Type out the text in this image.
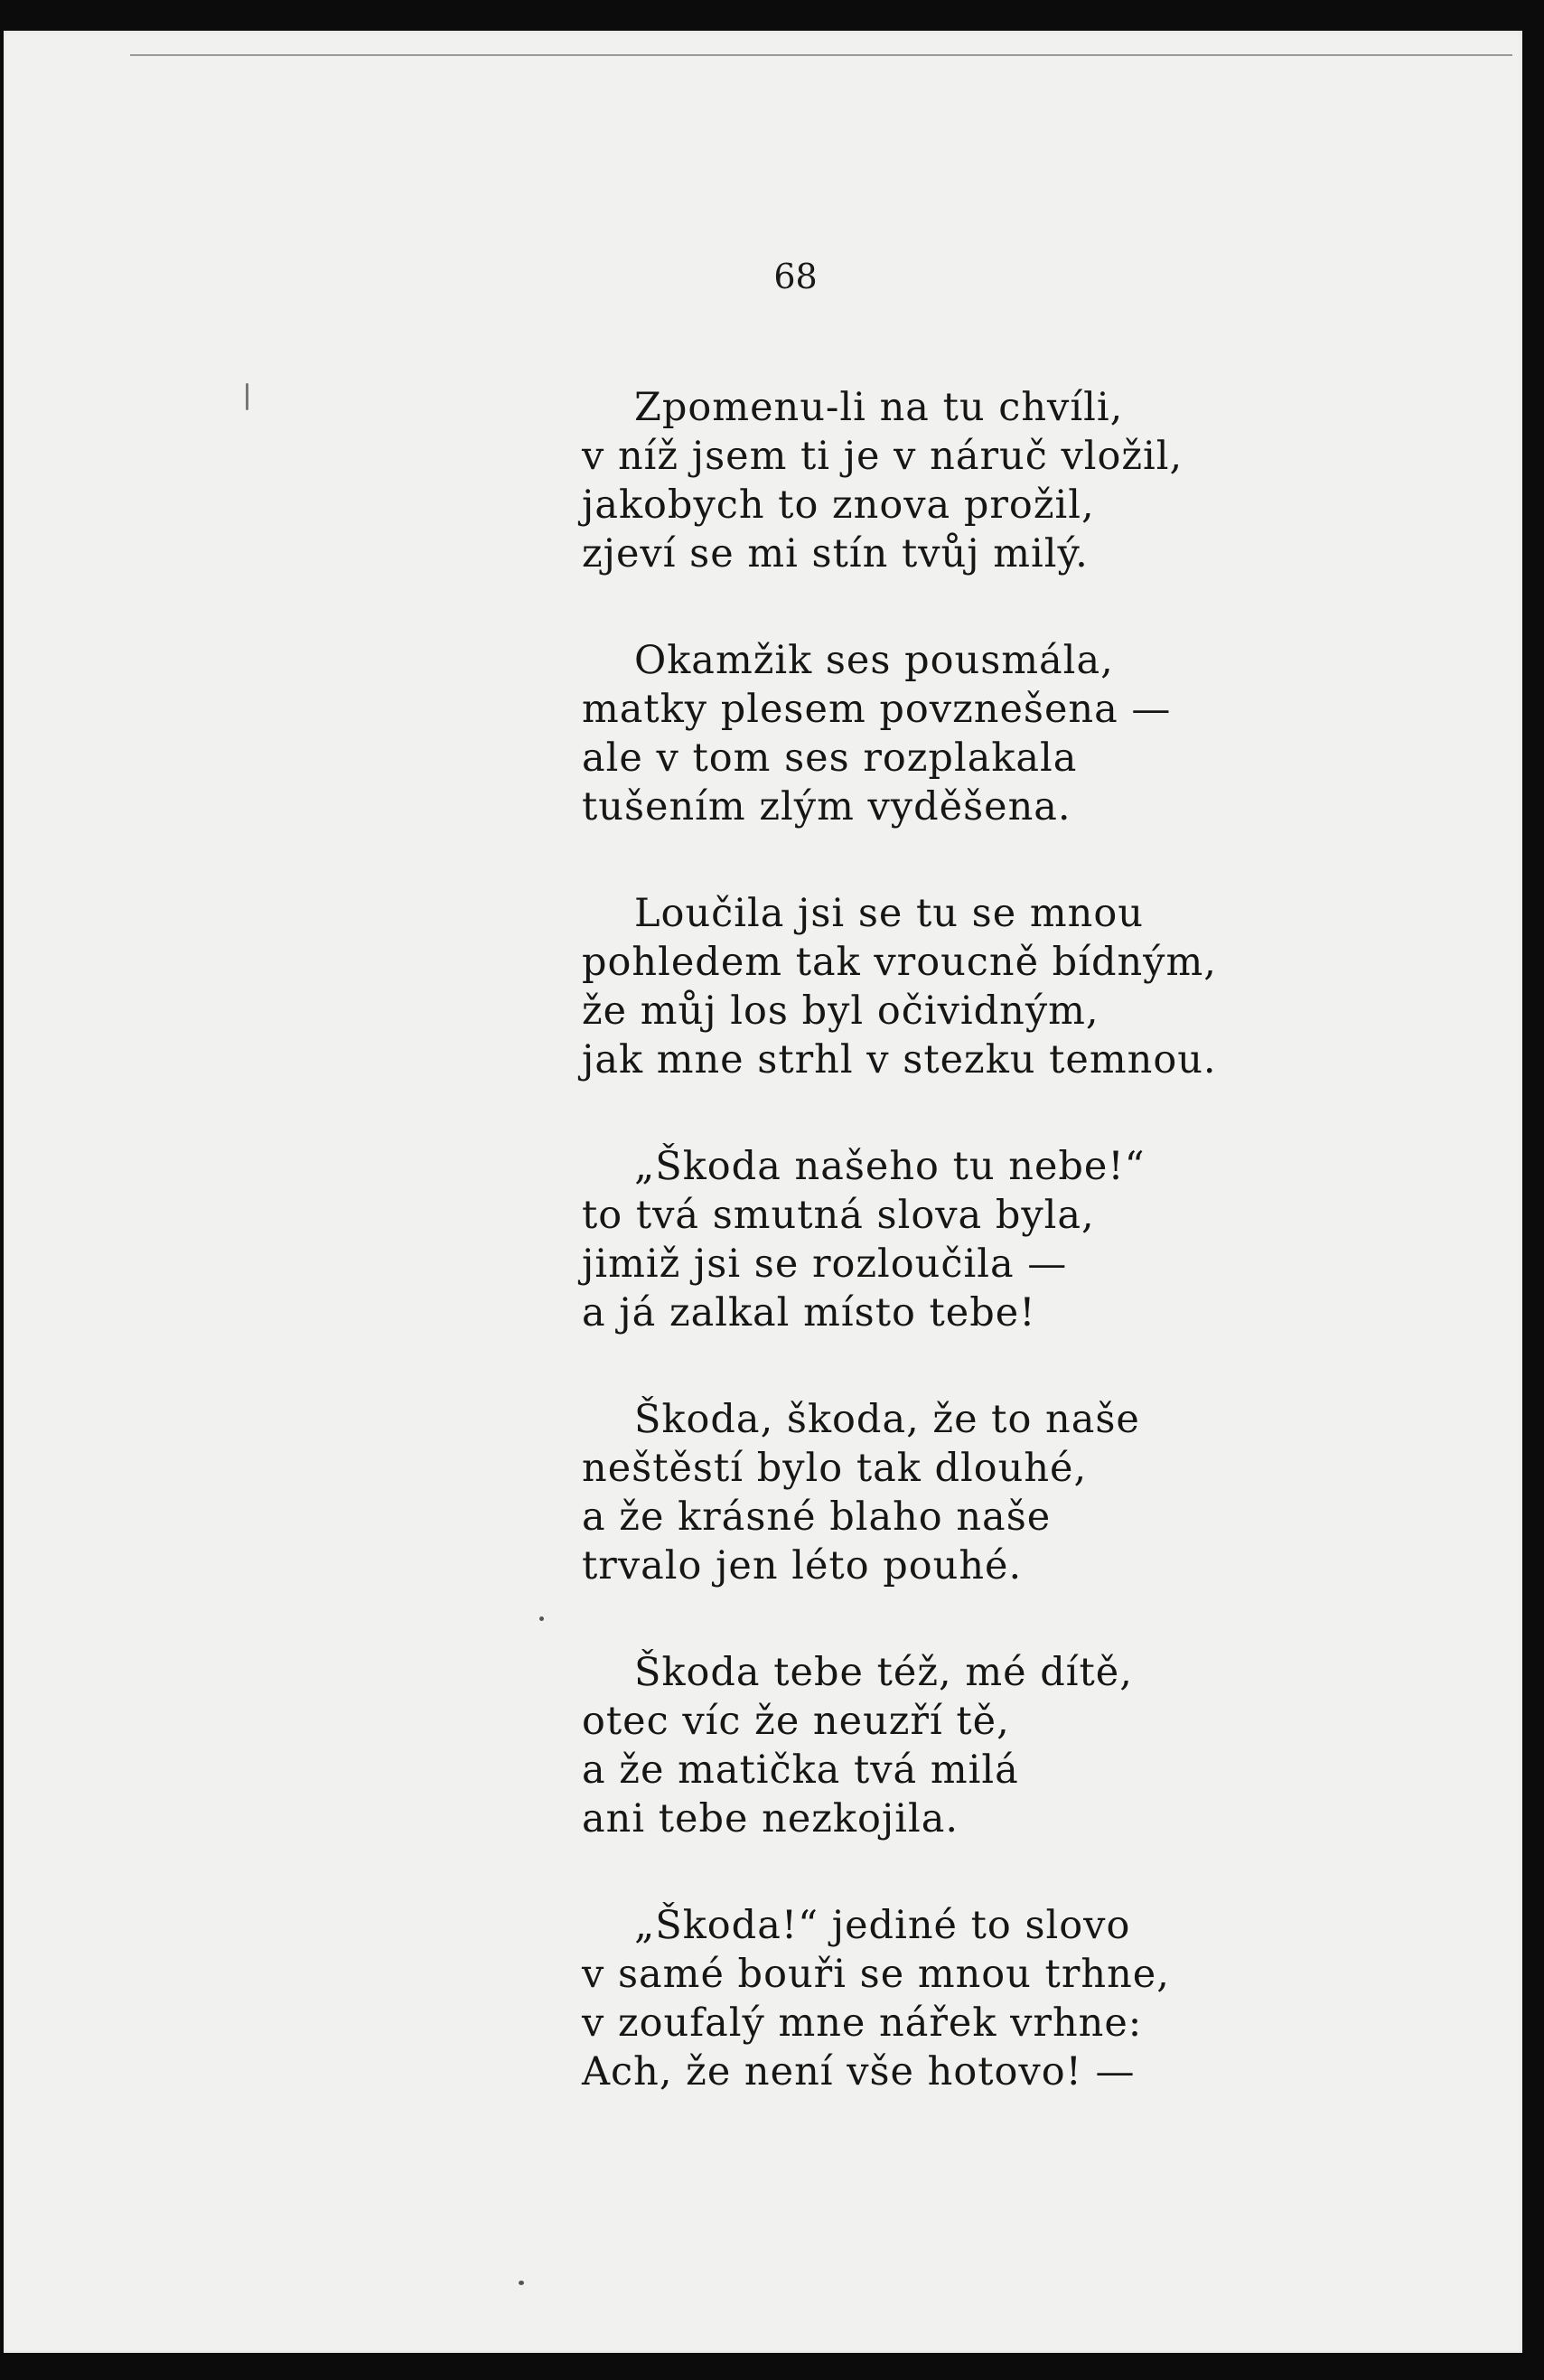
68
Zpomenu-li na tu chvíli,
v níž jsem ti je v náruč vložil,
jakobych to znova prožil,
zjeví se mi stín tvůj milý.
Okamžik ses pousmála,
matky plesem povznešena —
ale v tom ses rozplakala
tušením zlým vyděšena.
Loučila jsi se tu se mnou
pohledem tak vroucně bídným,
že můj los byl očividným,
jak mne strhl v stezku temnou.
„Škoda našeho tu nebe!“
to tvá smutná slova byla,
jimiž jsi se rozloučila —
a já zalkal místo tebe!
Škoda, škoda, že to naše
neštěstí bylo tak dlouhé,
a že krásné blaho naše
trvalo jen léto pouhé.
Škoda tebe též, mé dítě,
otec víc že neuzří tě,
a že matička tvá milá
ani tebe nezkojila.
„Škoda!“ jediné to slovo
v samé bouři se mnou trhne,
v zoufalý mne nářek vrhne:
Ach, že není vše hotovo! —
